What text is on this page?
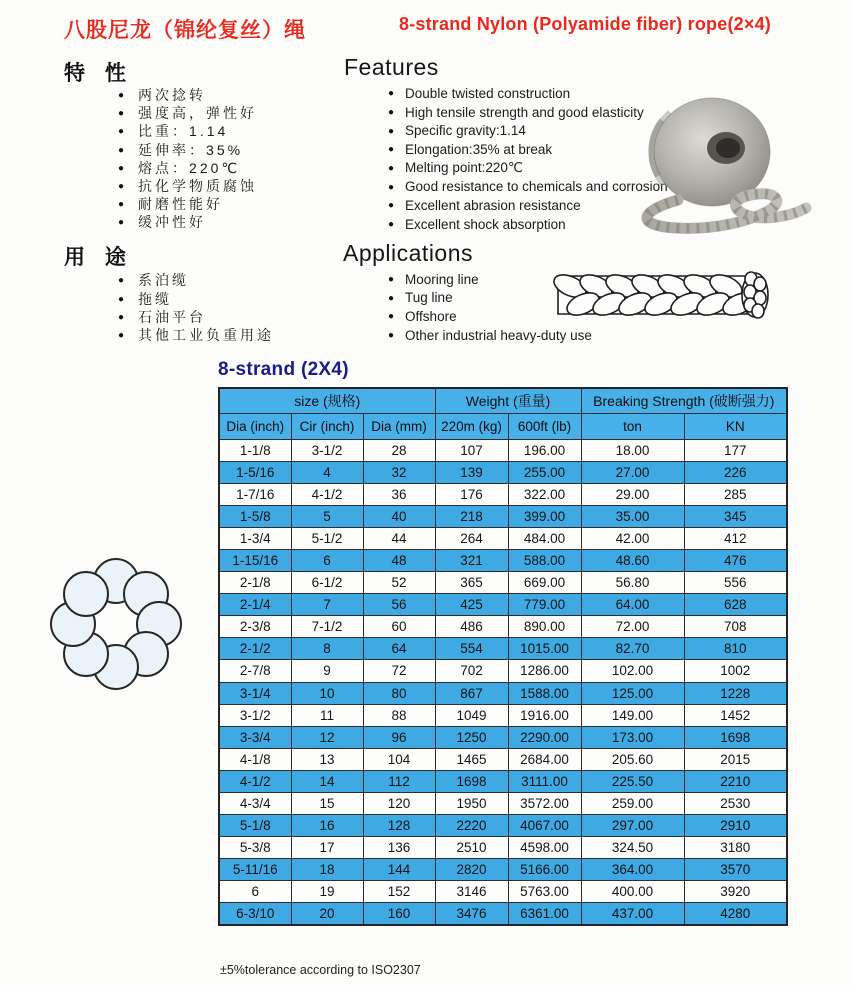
八股尼龙（锦纶复丝）绳	8-strand Nylon (Polyamide fiber) rope(2×4)
特 性	Features
● 两次捻转
● 强度高，弹性好
● 比重：1.14
● 延伸率：35%
● 熔点：220℃
● 抗化学物质腐蚀
● 耐磨性能好
● 缓冲性好
● Double twisted construction
● High tensile strength and good elasticity
● Specific gravity:1.14
● Elongation:35% at break
● Melting point:220℃
● Good resistance to chemicals and corrosion
● Excellent abrasion resistance
● Excellent shock absorption
用 途	Applications
● 系泊缆
● 拖缆
● 石油平台
● 其他工业负重用途
● Mooring line
● Tug line
● Offshore
● Other industrial heavy-duty use
8-strand (2X4)
size (规格)			Weight (重量)		Breaking Strength (破断强力)	
Dia (inch)	Cir (inch)	Dia (mm)	220m (kg)	600ft (lb)	ton	KN
1-1/8	3-1/2	28	107	196.00	18.00	177
1-5/16	4	32	139	255.00	27.00	226
1-7/16	4-1/2	36	176	322.00	29.00	285
1-5/8	5	40	218	399.00	35.00	345
1-3/4	5-1/2	44	264	484.00	42.00	412
1-15/16	6	48	321	588.00	48.60	476
2-1/8	6-1/2	52	365	669.00	56.80	556
2-1/4	7	56	425	779.00	64.00	628
2-3/8	7-1/2	60	486	890.00	72.00	708
2-1/2	8	64	554	1015.00	82.70	810
2-7/8	9	72	702	1286.00	102.00	1002
3-1/4	10	80	867	1588.00	125.00	1228
3-1/2	11	88	1049	1916.00	149.00	1452
3-3/4	12	96	1250	2290.00	173.00	1698
4-1/8	13	104	1465	2684.00	205.60	2015
4-1/2	14	112	1698	3111.00	225.50	2210
4-3/4	15	120	1950	3572.00	259.00	2530
5-1/8	16	128	2220	4067.00	297.00	2910
5-3/8	17	136	2510	4598.00	324.50	3180
5-11/16	18	144	2820	5166.00	364.00	3570
6	19	152	3146	5763.00	400.00	3920
6-3/10	20	160	3476	6361.00	437.00	4280
±5%tolerance according to ISO2307
